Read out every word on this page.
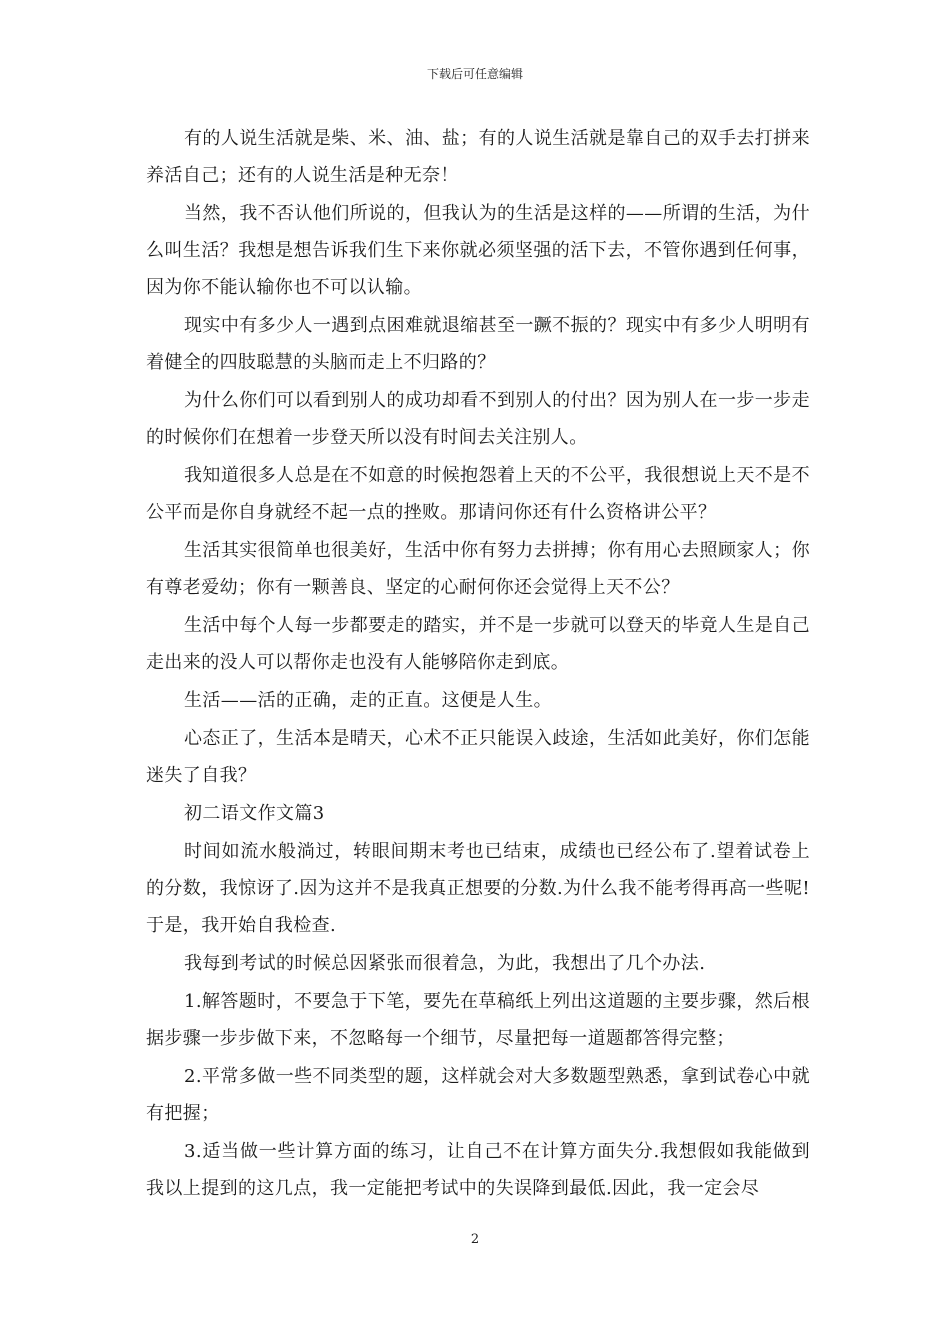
下载后可任意编辑

有的人说生活就是柴、米、油、盐；有的人说生活就是靠自己的双手去打拼来养活自己；还有的人说生活是种无奈！

当然，我不否认他们所说的，但我认为的生活是这样的——所谓的生活，为什么叫生活？我想是想告诉我们生下来你就必须坚强的活下去，不管你遇到任何事，因为你不能认输你也不可以认输。

现实中有多少人一遇到点困难就退缩甚至一蹶不振的？现实中有多少人明明有着健全的四肢聪慧的头脑而走上不归路的？

为什么你们可以看到别人的成功却看不到别人的付出？因为别人在一步一步走的时候你们在想着一步登天所以没有时间去关注别人。

我知道很多人总是在不如意的时候抱怨着上天的不公平，我很想说上天不是不公平而是你自身就经不起一点的挫败。那请问你还有什么资格讲公平？

生活其实很简单也很美好，生活中你有努力去拼搏；你有用心去照顾家人；你有尊老爱幼；你有一颗善良、坚定的心耐何你还会觉得上天不公？

生活中每个人每一步都要走的踏实，并不是一步就可以登天的毕竟人生是自己走出来的没人可以帮你走也没有人能够陪你走到底。

生活——活的正确，走的正直。这便是人生。

心态正了，生活本是晴天，心术不正只能误入歧途，生活如此美好，你们怎能迷失了自我？

初二语文作文篇3

时间如流水般淌过，转眼间期末考也已结束，成绩也已经公布了.望着试卷上的分数，我惊讶了.因为这并不是我真正想要的分数.为什么我不能考得再高一些呢!于是，我开始自我检查.

我每到考试的时候总因紧张而很着急，为此，我想出了几个办法.

1.解答题时，不要急于下笔，要先在草稿纸上列出这道题的主要步骤，然后根据步骤一步步做下来，不忽略每一个细节，尽量把每一道题都答得完整；

2.平常多做一些不同类型的题，这样就会对大多数题型熟悉，拿到试卷心中就有把握；

3.适当做一些计算方面的练习，让自己不在计算方面失分.我想假如我能做到我以上提到的这几点，我一定能把考试中的失误降到最低.因此，我一定会尽

2
